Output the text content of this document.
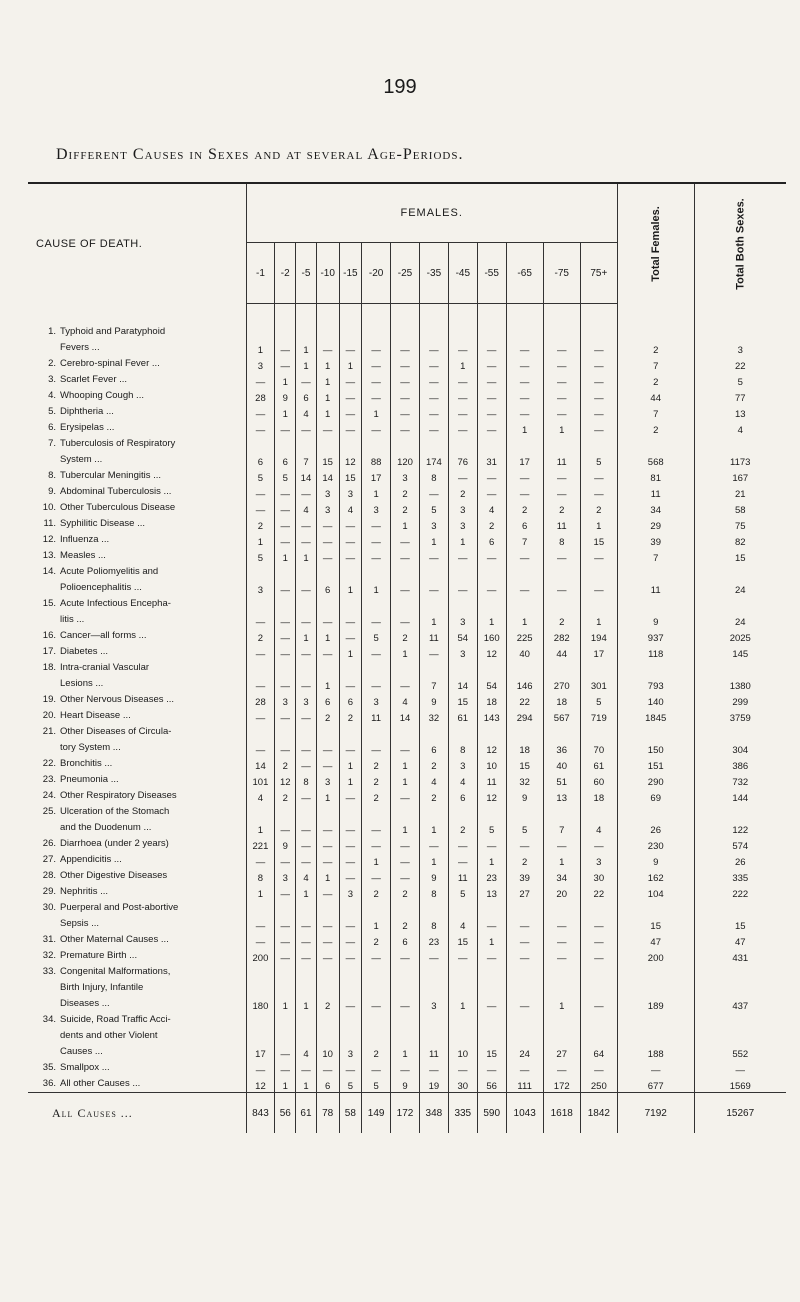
199
Different Causes in Sexes and at several Age-Periods.
CAUSE OF DEATH.	FEMALES.													Total Females.	Total Both Sexes.

	-1	-2	-5	-10	-15	-20	-25	-35	-45	-55	-65	-75	75+		

1. Typhoid and Paratyphoid
Fevers ...	1	—	1	—	—	—	—	—	—	—	—	—	—	2	3

2. Cerebro-spinal Fever ...	3	—	1	1	1	—	—	—	1	—	—	—	—	7	22

3. Scarlet Fever ...	—	1	—	1	—	—	—	—	—	—	—	—	—	2	5

4. Whooping Cough ...	28	9	6	1	—	—	—	—	—	—	—	—	—	44	77

5. Diphtheria ...	—	1	4	1	—	1	—	—	—	—	—	—	—	7	13

6. Erysipelas ...	—	—	—	—	—	—	—	—	—	—	1	1	—	2	4

7. Tuberculosis of Respiratory
System ...	6	6	7	15	12	88	120	174	76	31	17	11	5	568	1173

8. Tubercular Meningitis ...	5	5	14	14	15	17	3	8	—	—	—	—	—	81	167

9. Abdominal Tuberculosis ...	—	—	—	3	3	1	2	—	2	—	—	—	—	11	21

10. Other Tuberculous Disease	—	—	4	3	4	3	2	5	3	4	2	2	2	34	58

11. Syphilitic Disease ...	2	—	—	—	—	—	1	3	3	2	6	11	1	29	75

12. Influenza ...	1	—	—	—	—	—	—	1	1	6	7	8	15	39	82

13. Measles ...	5	1	1	—	—	—	—	—	—	—	—	—	—	7	15

14. Acute Poliomyelitis and
Polioencephalitis ...	3	—	—	6	1	1	—	—	—	—	—	—	—	11	24

15. Acute Infectious Encepha-
litis ...	—	—	—	—	—	—	—	1	3	1	1	2	1	9	24

16. Cancer—all forms ...	2	—	1	1	—	5	2	11	54	160	225	282	194	937	2025

17. Diabetes ...	—	—	—	—	1	—	1	—	3	12	40	44	17	118	145

18. Intra-cranial Vascular
Lesions ...	—	—	—	1	—	—	—	7	14	54	146	270	301	793	1380

19. Other Nervous Diseases ...	28	3	3	6	6	3	4	9	15	18	22	18	5	140	299

20. Heart Disease ...	—	—	—	2	2	11	14	32	61	143	294	567	719	1845	3759

21. Other Diseases of Circula-
tory System ...	—	—	—	—	—	—	—	6	8	12	18	36	70	150	304

22. Bronchitis ...	14	2	—	—	1	2	1	2	3	10	15	40	61	151	386

23. Pneumonia ...	101	12	8	3	1	2	1	4	4	11	32	51	60	290	732

24. Other Respiratory Diseases	4	2	—	1	—	2	—	2	6	12	9	13	18	69	144

25. Ulceration of the Stomach
and the Duodenum ...	1	—	—	—	—	—	1	1	2	5	5	7	4	26	122

26. Diarrhoea (under 2 years)	221	9	—	—	—	—	—	—	—	—	—	—	—	230	574

27. Appendicitis ...	—	—	—	—	—	1	—	1	—	1	2	1	3	9	26

28. Other Digestive Diseases	8	3	4	1	—	—	—	9	11	23	39	34	30	162	335

29. Nephritis ...	1	—	1	—	3	2	2	8	5	13	27	20	22	104	222

30. Puerperal and Post-abortive
Sepsis ...	—	—	—	—	—	1	2	8	4	—	—	—	—	15	15

31. Other Maternal Causes ...	—	—	—	—	—	2	6	23	15	1	—	—	—	47	47

32. Premature Birth ...	200	—	—	—	—	—	—	—	—	—	—	—	—	200	431

33. Congenital Malformations,
Birth Injury, Infantile
Diseases ...	180	1	1	2	—	—	—	3	1	—	—	1	—	189	437

34. Suicide, Road Traffic Acci-
dents and other Violent
Causes ...	17	—	4	10	3	2	1	11	10	15	24	27	64	188	552

35. Smallpox ...	—	—	—	—	—	—	—	—	—	—	—	—	—	—	—

36. All other Causes ...	12	1	1	6	5	5	9	19	30	56	111	172	250	677	1569
All Causes ...	843	56	61	78	58	149	172	348	335	590	1043	1618	1842	7192	15267
